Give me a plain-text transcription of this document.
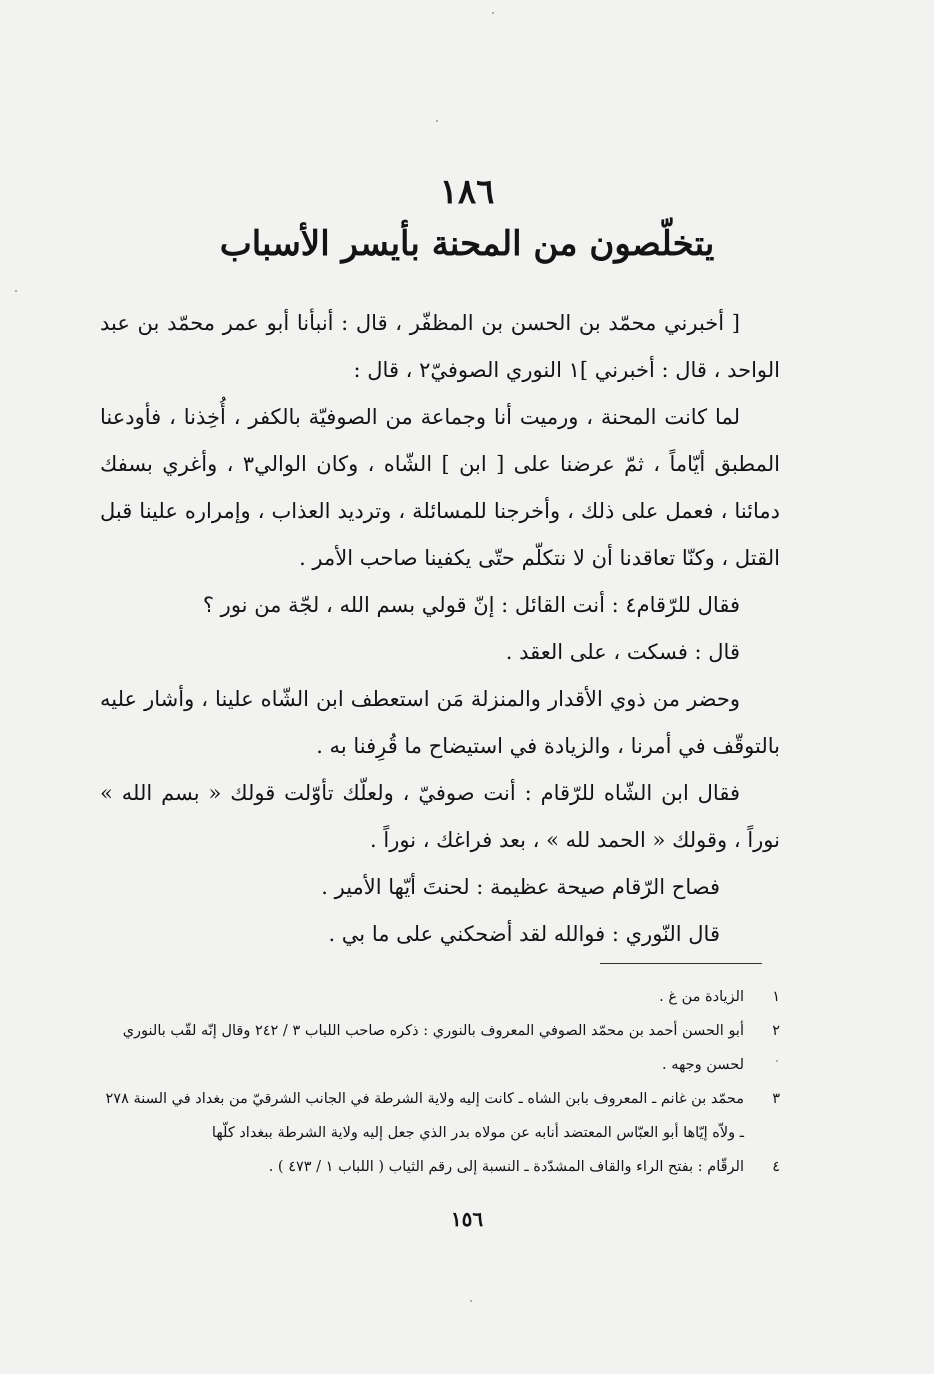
١٨٦
يتخلّصون من المحنة بأيسر الأسباب

[ أخبرني محمّد بن الحسن بن المظفّر ، قال : أنبأنا أبو عمر محمّد بن عبد الواحد ، قال : أخبرني ]١ النوري الصوفيّ٢ ، قال :

لما كانت المحنة ، ورميت أنا وجماعة من الصوفيّة بالكفر ، أُخِذنا ، فأودعنا المطبق أيّاماً ، ثمّ عرضنا على [ ابن ] الشّاه ، وكان الوالي٣ ، وأغري بسفك دمائنا ، فعمل على ذلك ، وأخرجنا للمسائلة ، وترديد العذاب ، وإمراره علينا قبل القتل ، وكنّا تعاقدنا أن لا نتكلّم حتّى يكفينا صاحب الأمر .

فقال للرّقام٤ : أنت القائل : إنّ قولي بسم الله ، لجّة من نور ؟

قال : فسكت ، على العقد .

وحضر من ذوي الأقدار والمنزلة مَن استعطف ابن الشّاه علينا ، وأشار عليه بالتوقّف في أمرنا ، والزيادة في استيضاح ما قُرِفنا به .

فقال ابن الشّاه للرّقام : أنت صوفيّ ، ولعلّك تأوّلت قولك « بسم الله » نوراً ، وقولك « الحمد لله » ، بعد فراغك ، نوراً .

فصاح الرّقام صيحة عظيمة : لحنتَ أيّها الأمير .

قال النّوري : فوالله لقد أضحكني على ما بي .

١
الزيادة من غ .
٢
أبو الحسن أحمد بن محمّد الصوفي المعروف بالنوري : ذكره صاحب اللباب ٣ / ٢٤٢ وقال إنّه لقّب بالنوري لحسن وجهه .
٣
محمّد بن غانم ـ المعروف بابن الشاه ـ كانت إليه ولاية الشرطة في الجانب الشرقيّ من بغداد في السنة ٢٧٨ ـ ولاّه إيّاها أبو العبّاس المعتضد أنابه عن مولاه بدر الذي جعل إليه ولاية الشرطة ببغداد كلّها
٤
الرقّام : بفتح الراء والقاف المشدّدة ـ النسبة إلى رقم الثياب ( اللباب ١ / ٤٧٣ ) .
١٥٦
